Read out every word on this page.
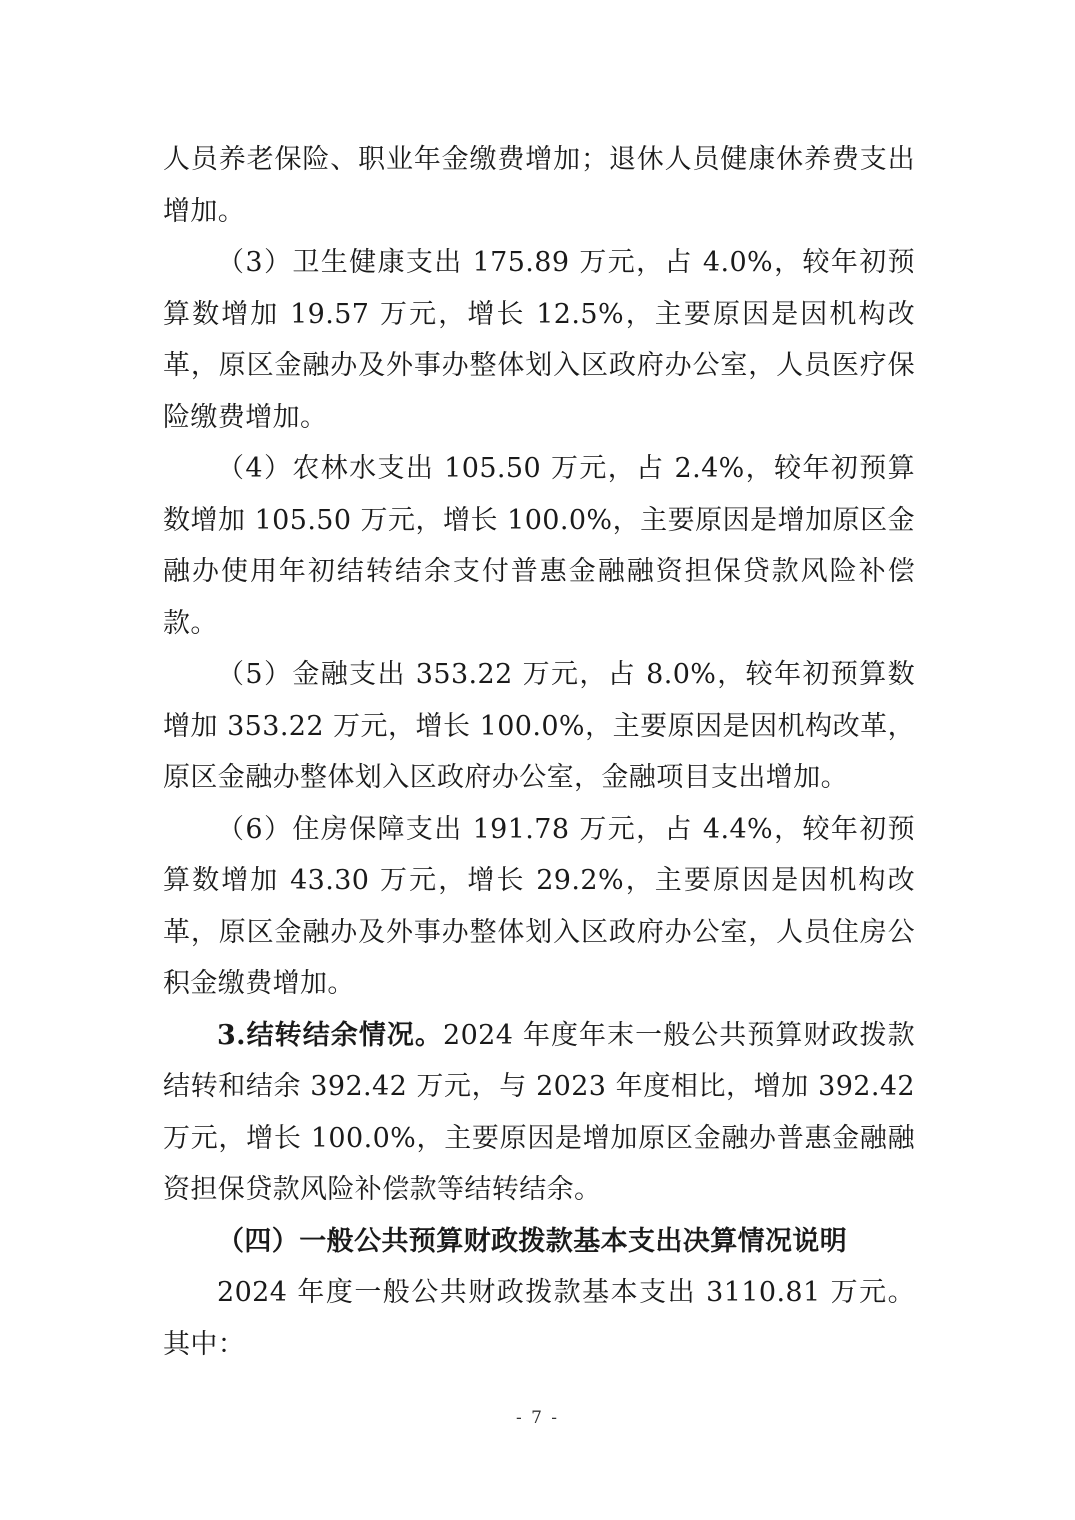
人员养老保险、职业年金缴费增加；退休人员健康休养费支出增加。

（3）卫生健康支出 175.89 万元，占 4.0%，较年初预算数增加 19.57 万元，增长 12.5%，主要原因是因机构改革，原区金融办及外事办整体划入区政府办公室，人员医疗保险缴费增加。

（4）农林水支出 105.50 万元，占 2.4%，较年初预算数增加 105.50 万元，增长 100.0%，主要原因是增加原区金融办使用年初结转结余支付普惠金融融资担保贷款风险补偿款。

（5）金融支出 353.22 万元，占 8.0%，较年初预算数增加 353.22 万元，增长 100.0%，主要原因是因机构改革，原区金融办整体划入区政府办公室，金融项目支出增加。

（6）住房保障支出 191.78 万元，占 4.4%，较年初预算数增加 43.30 万元，增长 29.2%，主要原因是因机构改革，原区金融办及外事办整体划入区政府办公室，人员住房公积金缴费增加。

3.结转结余情况。2024 年度年末一般公共预算财政拨款结转和结余 392.42 万元，与 2023 年度相比，增加 392.42 万元，增长 100.0%，主要原因是增加原区金融办普惠金融融资担保贷款风险补偿款等结转结余。

（四）一般公共预算财政拨款基本支出决算情况说明

2024 年度一般公共财政拨款基本支出 3110.81 万元。其中：

- 7 -
